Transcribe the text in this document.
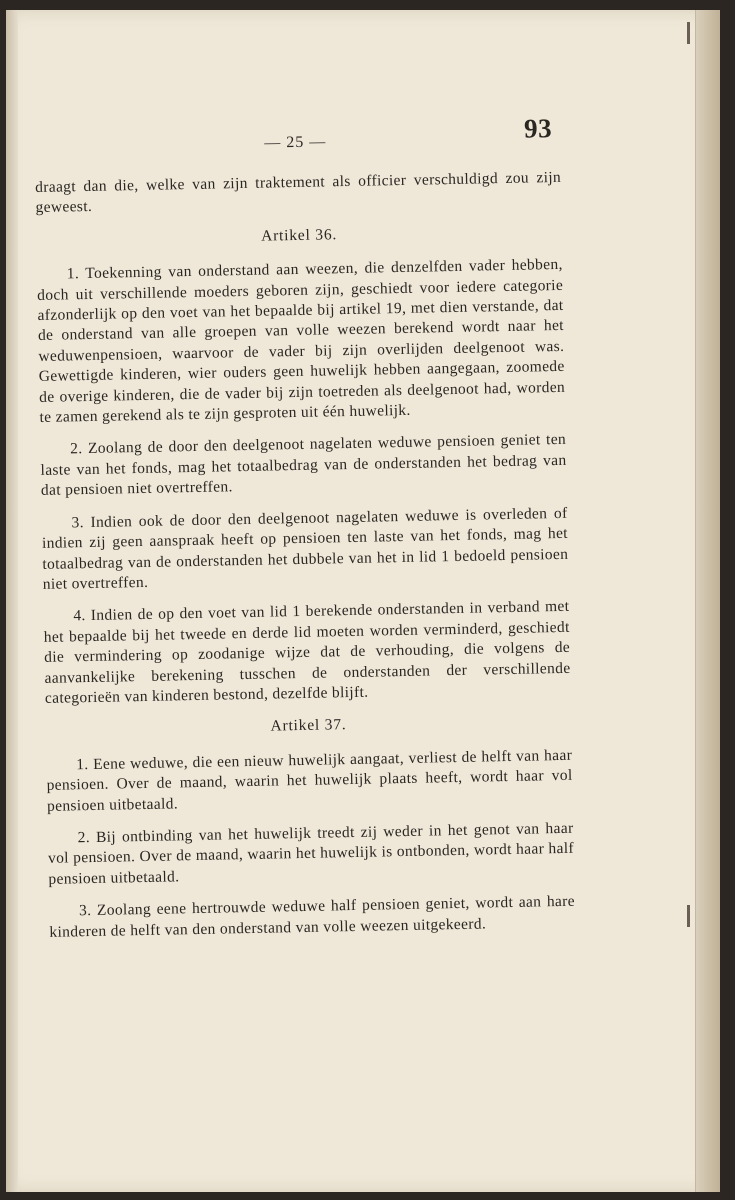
— 25 —	93

draagt dan die, welke van zijn traktement als officier verschuldigd zou zijn geweest.

Artikel 36.

1. Toekenning van onderstand aan weezen, die denzelfden vader hebben, doch uit verschillende moeders geboren zijn, geschiedt voor iedere categorie afzonderlijk op den voet van het bepaalde bij artikel 19, met dien verstande, dat de onderstand van alle groepen van volle weezen berekend wordt naar het weduwenpensioen, waarvoor de vader bij zijn overlijden deelgenoot was. Gewettigde kinderen, wier ouders geen huwelijk hebben aangegaan, zoomede de overige kinderen, die de vader bij zijn toetreden als deelgenoot had, worden te zamen gerekend als te zijn gesproten uit één huwelijk.

2. Zoolang de door den deelgenoot nagelaten weduwe pensioen geniet ten laste van het fonds, mag het totaalbedrag van de onderstanden het bedrag van dat pensioen niet overtreffen.

3. Indien ook de door den deelgenoot nagelaten weduwe is overleden of indien zij geen aanspraak heeft op pensioen ten laste van het fonds, mag het totaalbedrag van de onderstanden het dubbele van het in lid 1 bedoeld pensioen niet overtreffen.

4. Indien de op den voet van lid 1 berekende onderstanden in verband met het bepaalde bij het tweede en derde lid moeten worden verminderd, geschiedt die vermindering op zoodanige wijze dat de verhouding, die volgens de aanvankelijke berekening tusschen de onderstanden der verschillende categorieën van kinderen bestond, dezelfde blijft.

Artikel 37.

1. Eene weduwe, die een nieuw huwelijk aangaat, verliest de helft van haar pensioen. Over de maand, waarin het huwelijk plaats heeft, wordt haar vol pensioen uitbetaald.

2. Bij ontbinding van het huwelijk treedt zij weder in het genot van haar vol pensioen. Over de maand, waarin het huwelijk is ontbonden, wordt haar half pensioen uitbetaald.

3. Zoolang eene hertrouwde weduwe half pensioen geniet, wordt aan hare kinderen de helft van den onderstand van volle weezen uitgekeerd.
